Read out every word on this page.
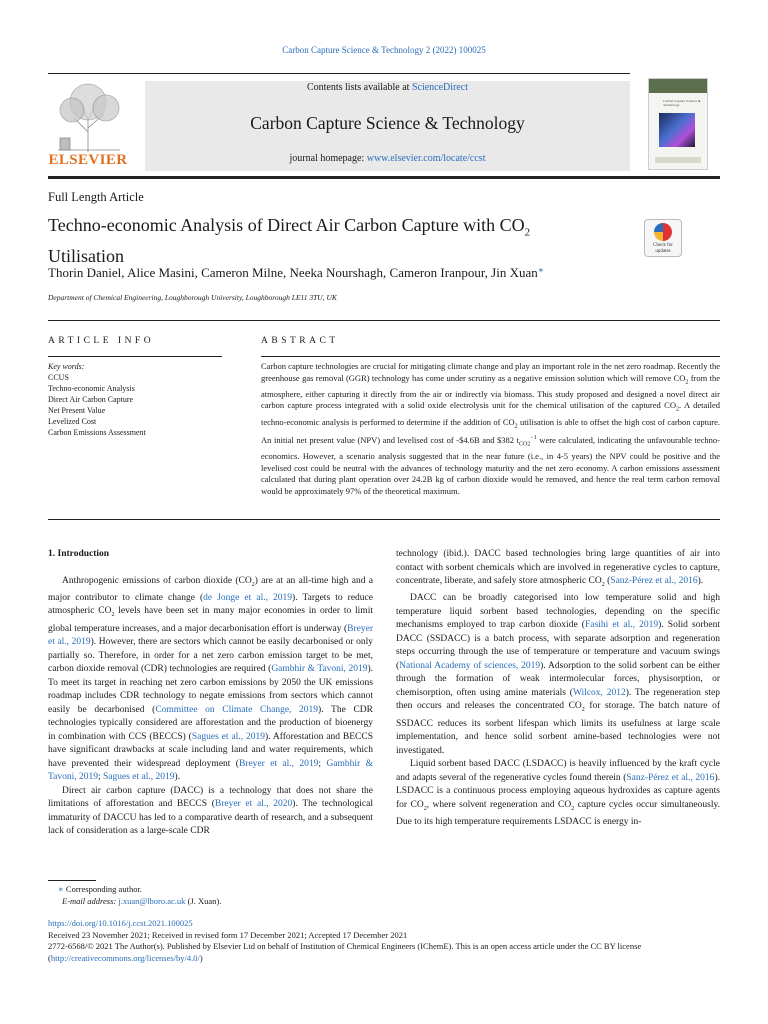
Carbon Capture Science & Technology 2 (2022) 100025
ELSEVIER
Contents lists available at ScienceDirect
Carbon Capture Science & Technology
journal homepage: www.elsevier.com/locate/ccst
Carbon Capture Science & Technology
Full Length Article
Techno-economic Analysis of Direct Air Carbon Capture with $CO_2$
Utilisation
Check for updates
Thorin Daniel, Alice Masini, Cameron Milne, Neeka Nourshagh, Cameron Iranpour, Jin Xuan∗
Department of Chemical Engineering, Loughborough University, Loughborough LE11 3TU, UK
ARTICLE INFO	ABSTRACT
Key words:
CCUS
Techno-economic Analysis
Direct Air Carbon Capture
Net Present Value
Levelized Cost
Carbon Emissions Assessment
Carbon capture technologies are crucial for mitigating climate change and play an important role in the net zero roadmap. Recently the greenhouse gas removal (GGR) technology has come under scrutiny as a negative emission solution which will remove $CO_2$ from the atmosphere, either capturing it directly from the air or indirectly via biomass. This study proposed and designed a novel direct air carbon capture process integrated with a solid oxide electrolysis unit for the chemical utilisation of the captured $CO_2$. A detailed techno-economic analysis is performed to determine if the addition of $CO_2$ utilisation is able to offset the high cost of carbon capture. An initial net present value (NPV) and levelised cost of -$4.6B and $382 $t_{CO2}^{-1}$ were calculated, indicating the unfavourable techno-economics. However, a scenario analysis suggested that in the near future (i.e., in 4-5 years) the NPV could be positive and the levelised cost could be neutral with the advances of technology maturity and the net zero economy. A carbon emissions assessment calculated that during plant operation over 24.2B kg of carbon dioxide would be removed, and hence the real term carbon removal would be approximately 97% of the theoretical maximum.

1. Introduction

Anthropogenic emissions of carbon dioxide $(CO_2)$ are at an all-time high and a major contributor to climate change (de Jonge et al., 2019). Targets to reduce atmospheric $CO_2$ levels have been set in many major economies in order to limit global temperature increases, and a major decarbonisation effort is underway (Breyer et al., 2019). However, there are sectors which cannot be easily decarbonised or only partially so. Therefore, in order for a net zero carbon emission target to be met, carbon dioxide removal (CDR) technologies are required (Gambhir & Tavoni, 2019). To meet its target in reaching net zero carbon emissions by 2050 the UK emissions roadmap includes CDR technology to negate emissions from sectors which cannot easily be decarbonised (Committee on Climate Change, 2019). The CDR technologies typically considered are afforestation and the production of bioenergy in combination with CCS (BECCS) (Sagues et al., 2019). Afforestation and BECCS have significant drawbacks at scale including land and water requirements, which have prevented their widespread deployment (Breyer et al., 2019; Gambhir & Tavoni, 2019; Sagues et al., 2019).

Direct air carbon capture (DACC) is a technology that does not share the limitations of afforestation and BECCS (Breyer et al., 2020). The technological immaturity of DACCU has led to a comparative dearth of research, and a subsequent lack of consideration as a large-scale CDR

technology (ibid.). DACC based technologies bring large quantities of air into contact with sorbent chemicals which are involved in regenerative cycles to capture, concentrate, liberate, and safely store atmospheric $CO_2$ (Sanz-Pérez et al., 2016).

DACC can be broadly categorised into low temperature solid and high temperature liquid sorbent based technologies, depending on the specific mechanisms employed to trap carbon dioxide (Fasihi et al., 2019). Solid sorbent DACC (SSDACC) is a batch process, with separate adsorption and regeneration steps occurring through the use of temperature or temperature and vacuum swings (National Academy of sciences, 2019). Adsorption to the solid sorbent can be either through the formation of weak intermolecular forces, physisorption, or chemisorption, often using amine materials (Wilcox, 2012). The regeneration step then occurs and releases the concentrated $CO_2$ for storage. The batch nature of SSDACC reduces its sorbent lifespan which limits its usefulness at large scale implementation, and hence solid sorbent amine-based technologies were not investigated.

Liquid sorbent based DACC (LSDACC) is heavily influenced by the kraft cycle and adapts several of the regenerative cycles found therein (Sanz-Pérez et al., 2016). LSDACC is a continuous process employing aqueous hydroxides as capture agents for $CO_2$, where solvent regeneration and $CO_2$ capture cycles occur simultaneously. Due to its high temperature requirements LSDACC is energy in-

∗ Corresponding author.
E-mail address: j.xuan@lboro.ac.uk (J. Xuan).
https://doi.org/10.1016/j.ccst.2021.100025
Received 23 November 2021; Received in revised form 17 December 2021; Accepted 17 December 2021
2772-6568/© 2021 The Author(s). Published by Elsevier Ltd on behalf of Institution of Chemical Engineers (IChemE). This is an open access article under the CC BY license (http://creativecommons.org/licenses/by/4.0/)
